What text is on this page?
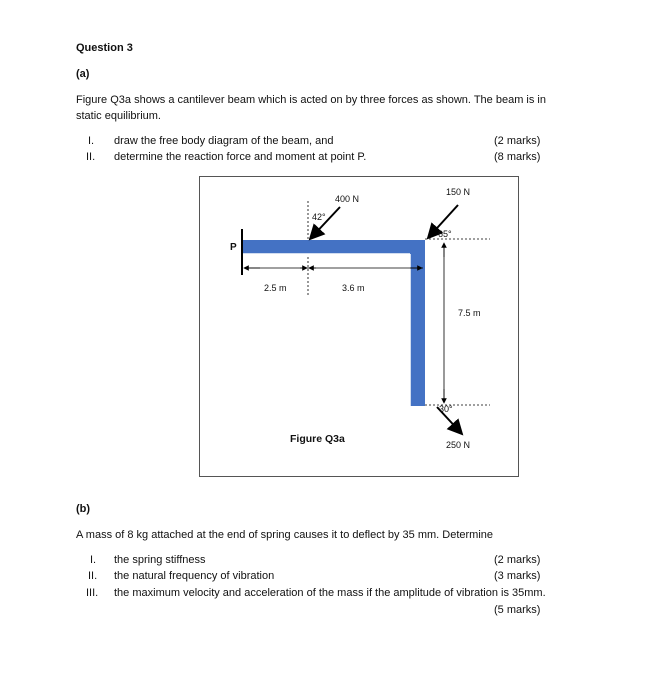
Question 3
(a)
Figure Q3a shows a cantilever beam which is acted on by three forces as shown. The beam is in
static equilibrium.
I. draw the free body diagram of the beam, and	(2 marks)
II. determine the reaction force and moment at point P.	(8 marks)
P
400 N
42°
150 N
65°
2.5 m	3.6 m
7.5 m
30°
250 N
Figure Q3a
(b)
A mass of 8 kg attached at the end of spring causes it to deflect by 35 mm. Determine
I. the spring stiffness	(2 marks)
II. the natural frequency of vibration	(3 marks)
III. the maximum velocity and acceleration of the mass if the amplitude of vibration is 35mm.
(5 marks)
